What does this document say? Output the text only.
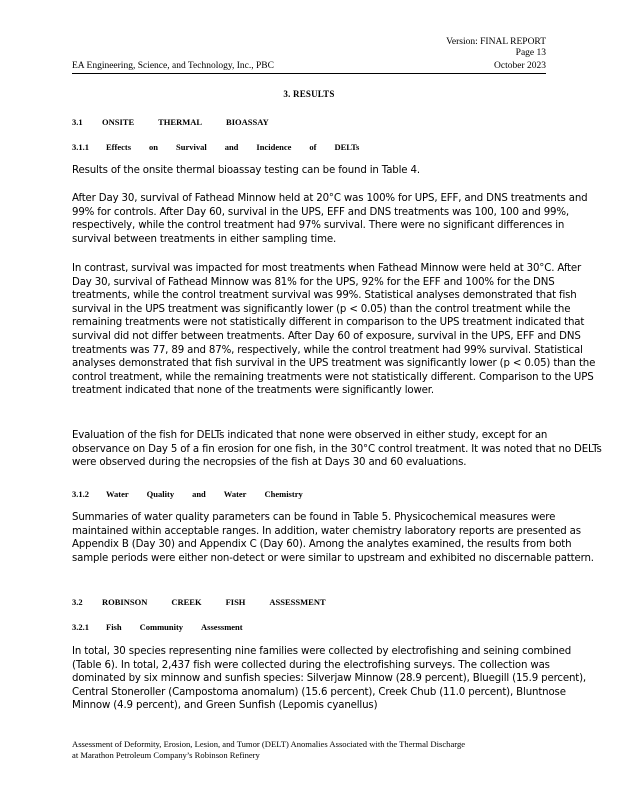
Version: FINAL REPORT
Page 13
EA Engineering, Science, and Technology, Inc., PBC	October 2023
3. RESULTS
3.1	ONSITE	THERMAL	BIOASSAY
3.1.1	Effects on Survival and Incidence of DELTs
Results of the onsite thermal bioassay testing can be found in Table 4.
After Day 30, survival of Fathead Minnow held at 20°C was 100% for UPS, EFF, and DNS treatments and 99% for controls. After Day 60, survival in the UPS, EFF and DNS treatments was 100, 100 and 99%, respectively, while the control treatment had 97% survival. There were no significant differences in survival between treatments in either sampling time.
In contrast, survival was impacted for most treatments when Fathead Minnow were held at 30°C. After Day 30, survival of Fathead Minnow was 81% for the UPS, 92% for the EFF and 100% for the DNS treatments, while the control treatment survival was 99%. Statistical analyses demonstrated that fish survival in the UPS treatment was significantly lower (p < 0.05) than the control treatment while the remaining treatments were not statistically different in comparison to the UPS treatment indicated that survival did not differ between treatments. After Day 60 of exposure, survival in the UPS, EFF and DNS treatments was 77, 89 and 87%, respectively, while the control treatment had 99% survival. Statistical analyses demonstrated that fish survival in the UPS treatment was significantly lower (p < 0.05) than the control treatment, while the remaining treatments were not statistically different. Comparison to the UPS treatment indicated that none of the treatments were significantly lower.
Evaluation of the fish for DELTs indicated that none were observed in either study, except for an observance on Day 5 of a fin erosion for one fish, in the 30°C control treatment. It was noted that no DELTs were observed during the necropsies of the fish at Days 30 and 60 evaluations.
3.1.2	Water Quality and Water Chemistry
Summaries of water quality parameters can be found in Table 5. Physicochemical measures were maintained within acceptable ranges. In addition, water chemistry laboratory reports are presented as Appendix B (Day 30) and Appendix C (Day 60). Among the analytes examined, the results from both sample periods were either non-detect or were similar to upstream and exhibited no discernable pattern.
3.2	ROBINSON	CREEK	FISH	ASSESSMENT
3.2.1	Fish Community Assessment
In total, 30 species representing nine families were collected by electrofishing and seining combined (Table 6). In total, 2,437 fish were collected during the electrofishing surveys. The collection was dominated by six minnow and sunfish species: Silverjaw Minnow (28.9 percent), Bluegill (15.9 percent), Central Stoneroller (Campostoma anomalum) (15.6 percent), Creek Chub (11.0 percent), Bluntnose Minnow (4.9 percent), and Green Sunfish (Lepomis cyanellus)
Assessment of Deformity, Erosion, Lesion, and Tumor (DELT) Anomalies Associated with the Thermal Discharge
at Marathon Petroleum Company’s Robinson Refinery
